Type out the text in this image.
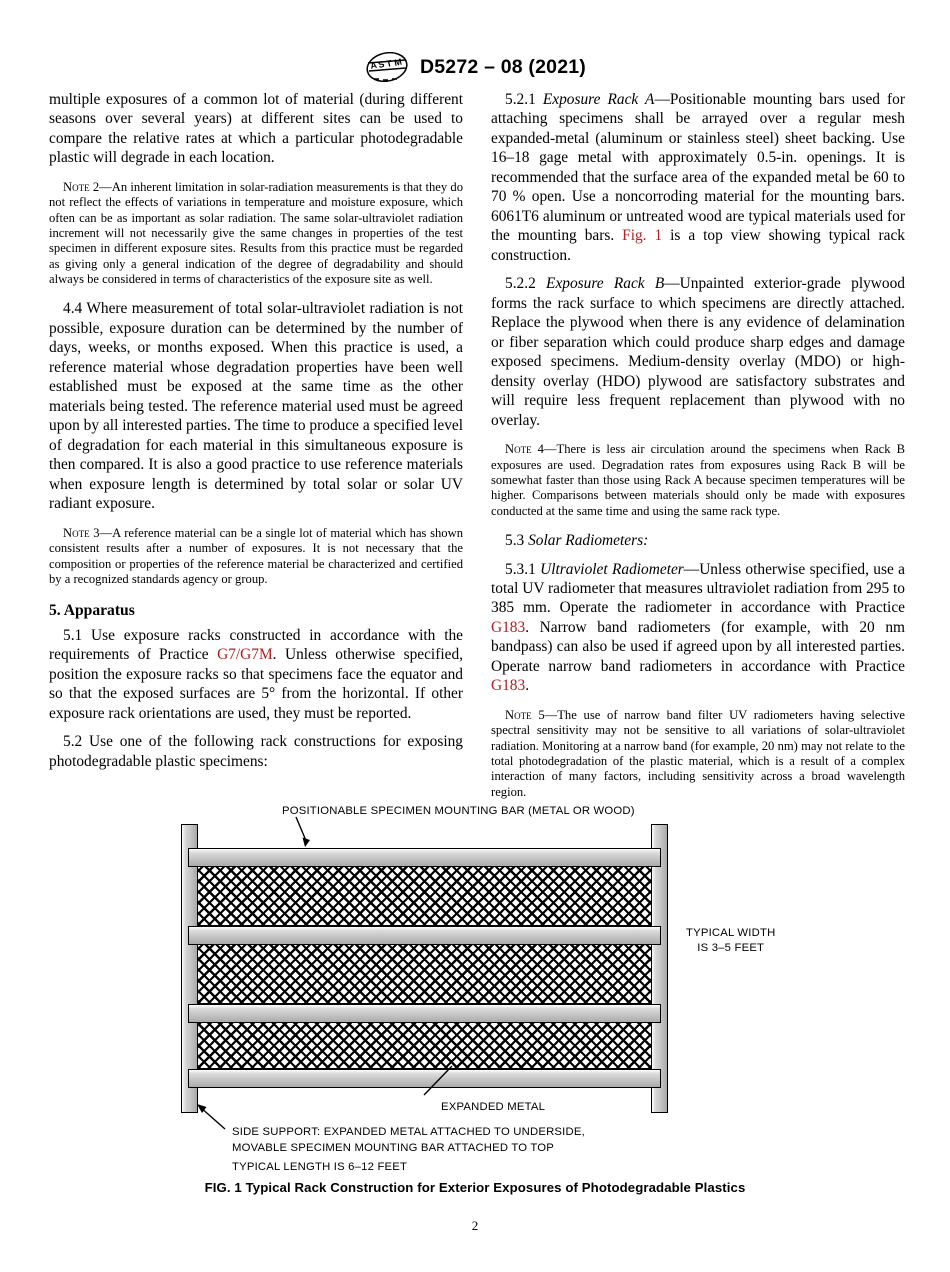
A S T M D5272 – 08 (2021)

multiple exposures of a common lot of material (during different seasons over several years) at different sites can be used to compare the relative rates at which a particular photodegradable plastic will degrade in each location.

Note 2—An inherent limitation in solar-radiation measurements is that they do not reflect the effects of variations in temperature and moisture exposure, which often can be as important as solar radiation. The same solar-ultraviolet radiation increment will not necessarily give the same changes in properties of the test specimen in different exposure sites. Results from this practice must be regarded as giving only a general indication of the degree of degradability and should always be considered in terms of characteristics of the exposure site as well.

4.4 Where measurement of total solar-ultraviolet radiation is not possible, exposure duration can be determined by the number of days, weeks, or months exposed. When this practice is used, a reference material whose degradation properties have been well established must be exposed at the same time as the other materials being tested. The reference material used must be agreed upon by all interested parties. The time to produce a specified level of degradation for each material in this simultaneous exposure is then compared. It is also a good practice to use reference materials when exposure length is determined by total solar or solar UV radiant exposure.

Note 3—A reference material can be a single lot of material which has shown consistent results after a number of exposures. It is not necessary that the composition or properties of the reference material be characterized and certified by a recognized standards agency or group.

5. Apparatus

5.1 Use exposure racks constructed in accordance with the requirements of Practice G7/G7M. Unless otherwise specified, position the exposure racks so that specimens face the equator and so that the exposed surfaces are 5° from the horizontal. If other exposure rack orientations are used, they must be reported.

5.2 Use one of the following rack constructions for exposing photodegradable plastic specimens:

5.2.1 Exposure Rack A—Positionable mounting bars used for attaching specimens shall be arrayed over a regular mesh expanded-metal (aluminum or stainless steel) sheet backing. Use 16–18 gage metal with approximately 0.5-in. openings. It is recommended that the surface area of the expanded metal be 60 to 70 % open. Use a noncorroding material for the mounting bars. 6061T6 aluminum or untreated wood are typical materials used for the mounting bars. Fig. 1 is a top view showing typical rack construction.

5.2.2 Exposure Rack B—Unpainted exterior-grade plywood forms the rack surface to which specimens are directly attached. Replace the plywood when there is any evidence of delamination or fiber separation which could produce sharp edges and damage exposed specimens. Medium-density overlay (MDO) or high-density overlay (HDO) plywood are satisfactory substrates and will require less frequent replacement than plywood with no overlay.

Note 4—There is less air circulation around the specimens when Rack B exposures are used. Degradation rates from exposures using Rack B will be somewhat faster than those using Rack A because specimen temperatures will be higher. Comparisons between materials should only be made with exposures conducted at the same time and using the same rack type.

5.3 Solar Radiometers:

5.3.1 Ultraviolet Radiometer—Unless otherwise specified, use a total UV radiometer that measures ultraviolet radiation from 295 to 385 mm. Operate the radiometer in accordance with Practice G183. Narrow band radiometers (for example, with 20 nm bandpass) can also be used if agreed upon by all interested parties. Operate narrow band radiometers in accordance with Practice G183.

Note 5—The use of narrow band filter UV radiometers having selective spectral sensitivity may not be sensitive to all variations of solar-ultraviolet radiation. Monitoring at a narrow band (for example, 20 nm) may not relate to the total photodegradation of the plastic material, which is a result of a complex interaction of many factors, including sensitivity across a broad wavelength region.

POSITIONABLE SPECIMEN MOUNTING BAR (METAL OR WOOD)
TYPICAL WIDTH
IS 3–5 FEET
EXPANDED METAL
SIDE SUPPORT: EXPANDED METAL ATTACHED TO UNDERSIDE,
MOVABLE SPECIMEN MOUNTING BAR ATTACHED TO TOP
TYPICAL LENGTH IS 6–12 FEET
FIG. 1 Typical Rack Construction for Exterior Exposures of Photodegradable Plastics
2
